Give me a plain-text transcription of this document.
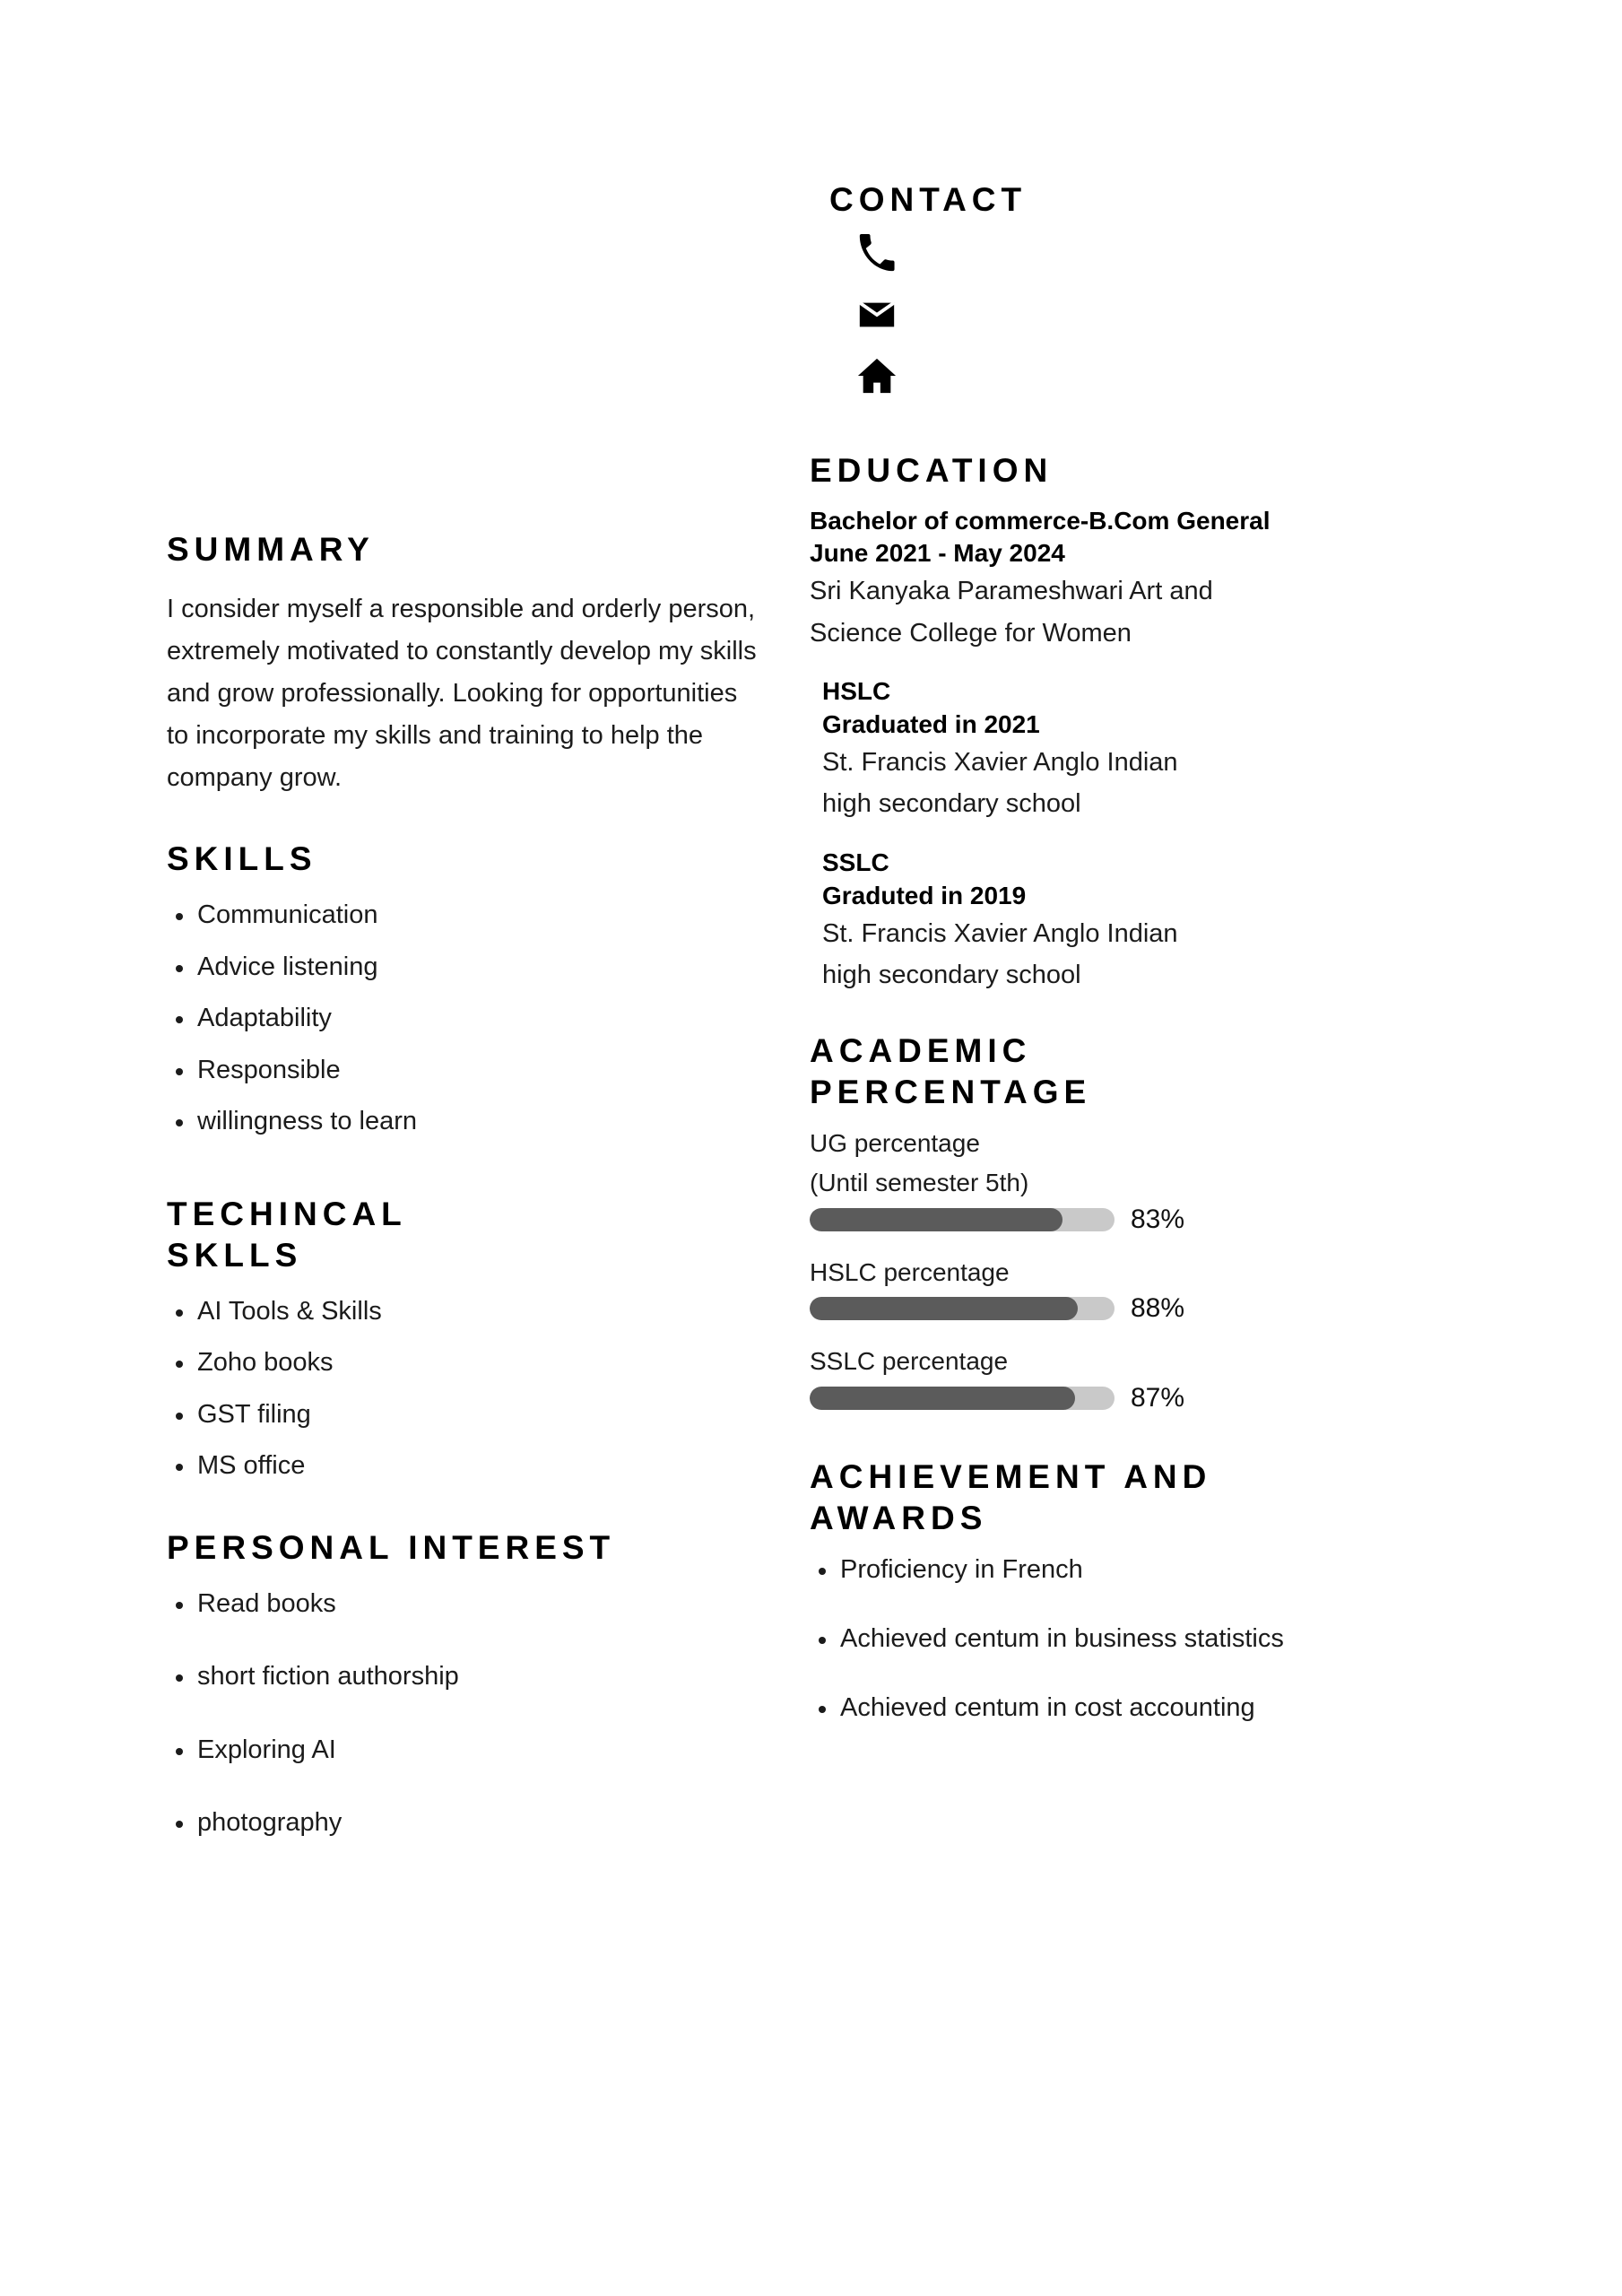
SUMMARY
I consider myself a responsible and orderly person, extremely motivated to constantly develop my skills and grow professionally. Looking for opportunities to incorporate my skills and training to help the company grow.
SKILLS
Communication
Advice listening
Adaptability
Responsible
willingness to learn
TECHINCAL
SKLLS
AI Tools & Skills
Zoho books
GST filing
MS office
PERSONAL INTEREST
Read books
short fiction authorship
Exploring AI
photography
CONTACT
EDUCATION
Bachelor of commerce-B.Com General
June 2021 - May 2024
Sri Kanyaka Parameshwari Art and
Science College for Women
HSLC
Graduated in 2021
St. Francis Xavier Anglo Indian
high secondary school
SSLC
Graduted in 2019
St. Francis Xavier Anglo Indian
high secondary school
ACADEMIC
PERCENTAGE
UG percentage
(Until semester 5th)
83%
HSLC percentage
88%
SSLC percentage
87%
ACHIEVEMENT AND
AWARDS
Proficiency in French
Achieved centum in business statistics
Achieved centum in cost accounting
